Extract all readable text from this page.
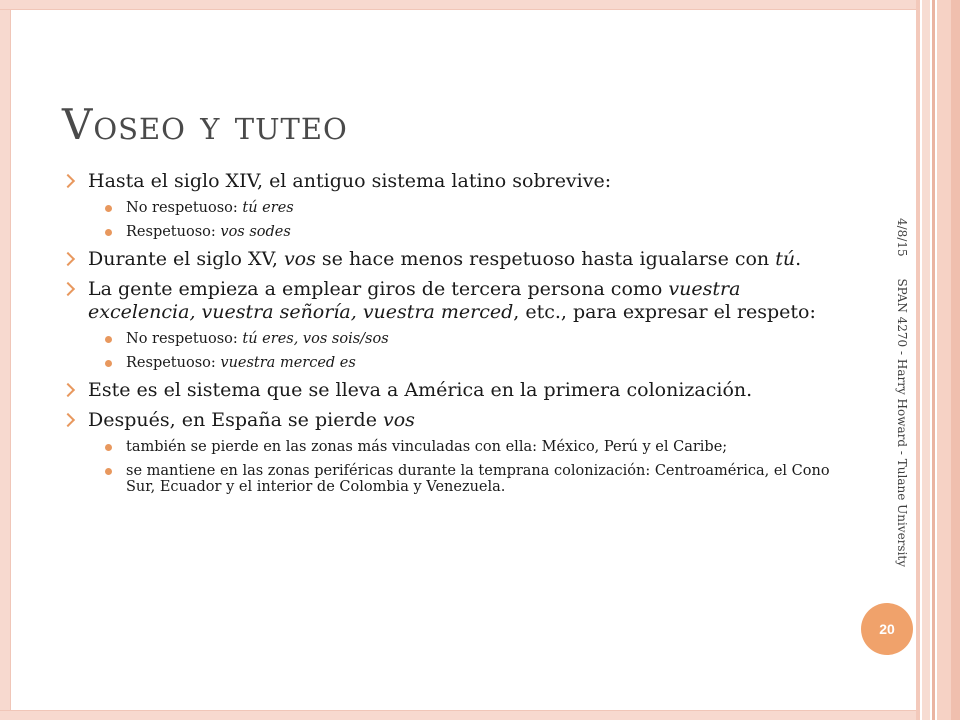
Voseo y tuteo
Hasta el siglo XIV, el antiguo sistema latino sobrevive:
No respetuoso: tú eres
Respetuoso: vos sodes
Durante el siglo XV, vos se hace menos respetuoso hasta igualarse con tú.
La gente empieza a emplear giros de tercera persona como vuestra excelencia, vuestra señoría, vuestra merced, etc., para expresar el respeto:
No respetuoso: tú eres, vos sois/sos
Respetuoso: vuestra merced es
Este es el sistema que se lleva a América en la primera colonización.
Después, en España se pierde vos
también se pierde en las zonas más vinculadas con ella: México, Perú y el Caribe;
se mantiene en las zonas periféricas durante la temprana colonización: Centroamérica, el Cono Sur, Ecuador y el interior de Colombia y Venezuela.
4/8/15 SPAN 4270 - Harry Howard - Tulane University
20
